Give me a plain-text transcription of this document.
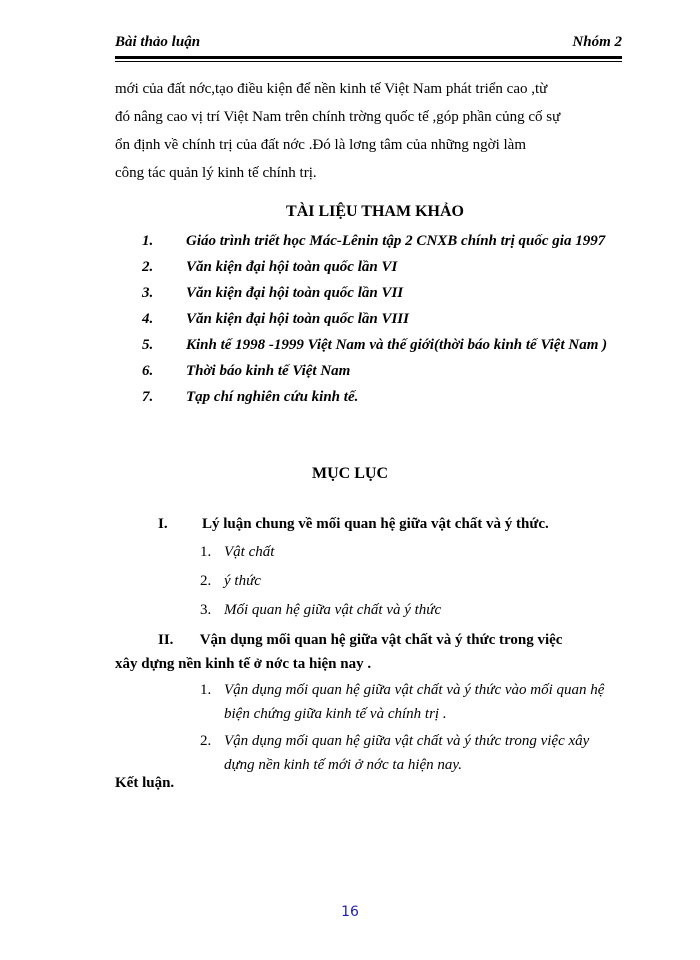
Bài thảo luận	Nhóm 2

mới của đất nớc,tạo điều kiện để nền kinh tế Việt Nam phát triển cao ,từ

đó nâng cao vị trí Việt Nam trên chính trờng quốc tế ,góp phần củng cố sự

ổn định về chính trị của đất nớc .Đó là lơng tâm của những ngời làm

công tác quản lý kinh tế chính trị.

TÀI LIỆU THAM KHẢO
1. Giáo trình triết học Mác-Lênin tập 2 CNXB chính trị quốc gia 1997
2. Văn kiện đại hội toàn quốc lần VI
3. Văn kiện đại hội toàn quốc lần VII
4. Văn kiện đại hội toàn quốc lần VIII
5. Kinh tế 1998 -1999 Việt Nam và thế giới(thời báo kinh tế Việt Nam )
6. Thời báo kinh tế Việt Nam
7. Tạp chí nghiên cứu kinh tế.
MỤC LỤC
I. Lý luận chung về mối quan hệ giữa vật chất và ý thức.
1. Vật chất
2. ý thức
3. Mối quan hệ giữa vật chất và ý thức
II. Vận dụng mối quan hệ giữa vật chất và ý thức trong việc
xây dựng nền kinh tế ở nớc ta hiện nay .
1. Vận dụng mối quan hệ giữa vật chất và ý thức vào mối quan hệ biện chứng giữa kinh tế và chính trị .
2. Vận dụng mối quan hệ giữa vật chất và ý thức trong việc xây dựng nền kinh tế mới ở nớc ta hiện nay.
Kết luận.
16
